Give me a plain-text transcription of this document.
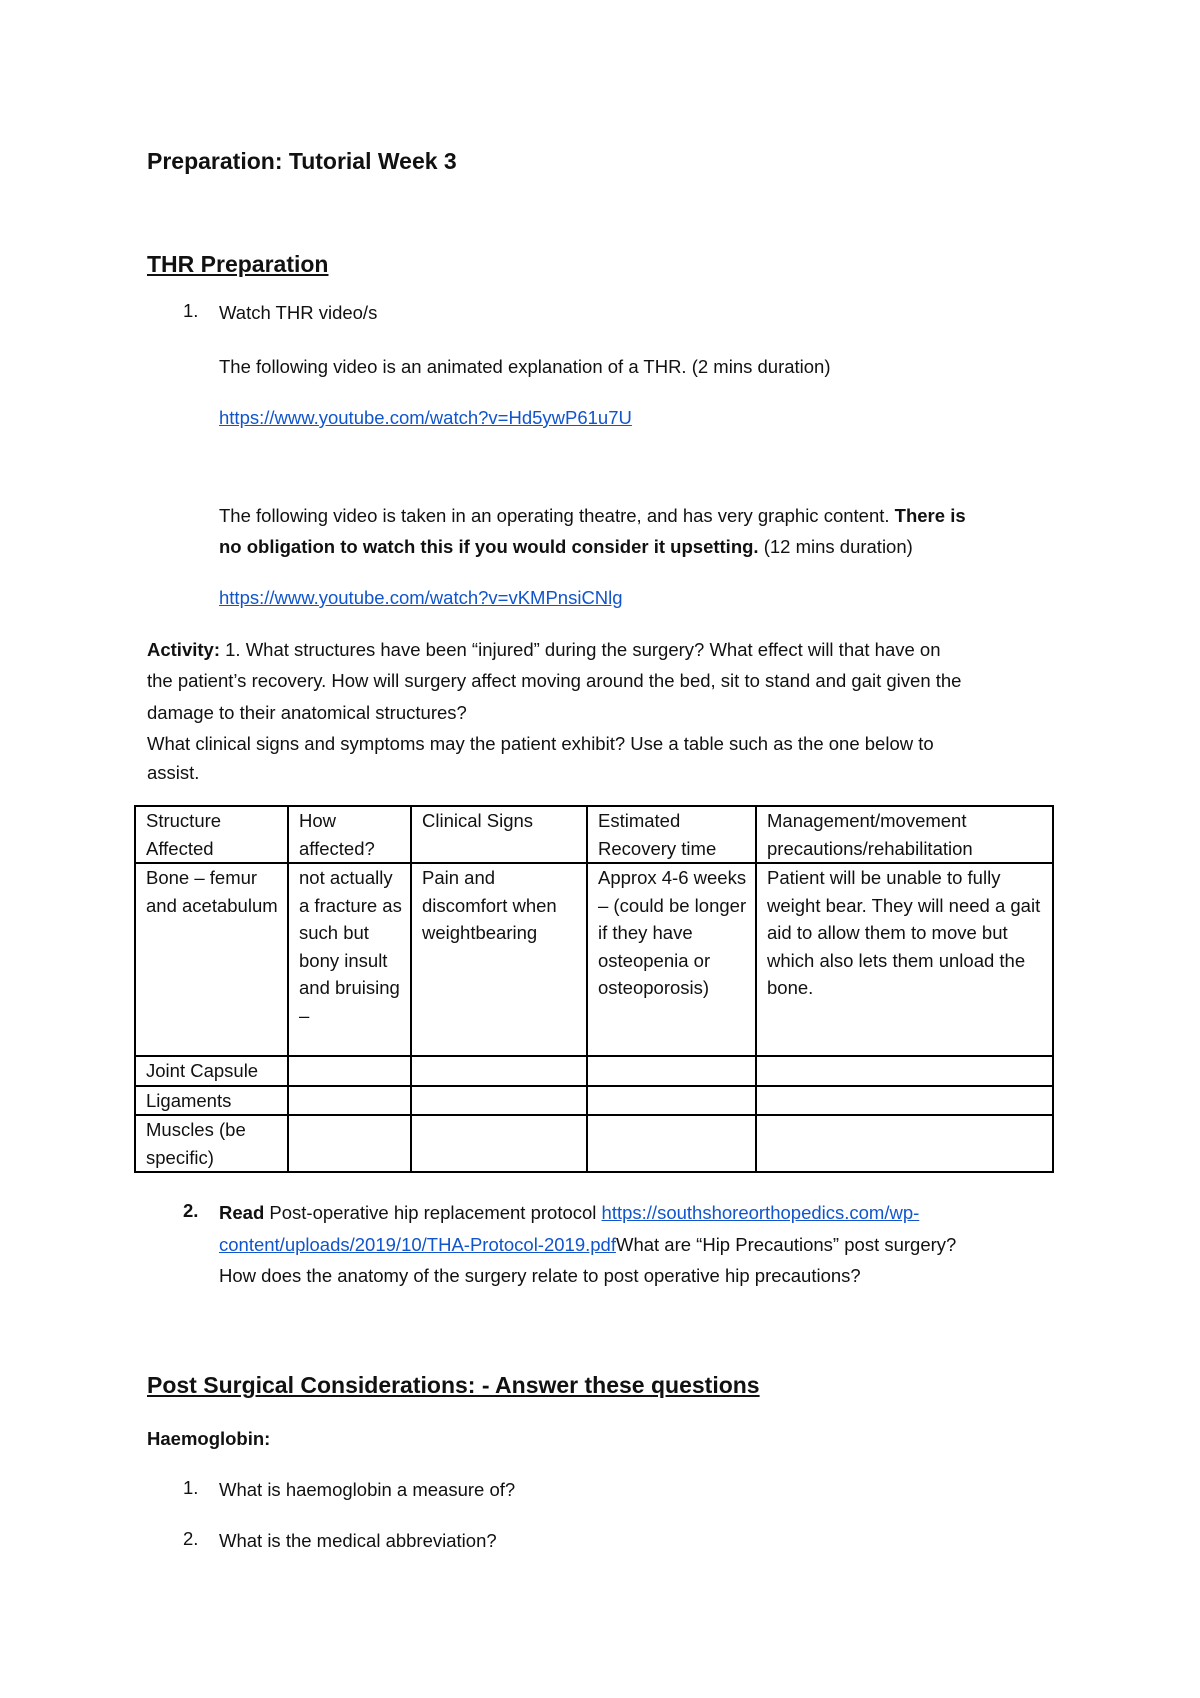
Preparation: Tutorial Week 3
THR Preparation
1. Watch THR video/s
The following video is an animated explanation of a THR. (2 mins duration)
https://www.youtube.com/watch?v=Hd5ywP61u7U
The following video is taken in an operating theatre, and has very graphic content. There is
no obligation to watch this if you would consider it upsetting. (12 mins duration)
https://www.youtube.com/watch?v=vKMPnsiCNlg
Activity: 1. What structures have been “injured” during the surgery? What effect will that have on
the patient’s recovery. How will surgery affect moving around the bed, sit to stand and gait given the
damage to their anatomical structures?
What clinical signs and symptoms may the patient exhibit? Use a table such as the one below to
assist.
Structure Affected	How affected?	Clinical Signs	Estimated Recovery time	Management/movement precautions/rehabilitation
Bone – femur and acetabulum	not actually a fracture as such but bony insult and bruising –	Pain and discomfort when weightbearing	Approx 4-6 weeks – (could be longer if they have osteopenia or osteoporosis)	Patient will be unable to fully weight bear. They will need a gait aid to allow them to move but which also lets them unload the bone.
Joint Capsule				
Ligaments				
Muscles (be specific)				
2. Read Post-operative hip replacement protocol https://southshoreorthopedics.com/wp-
content/uploads/2019/10/THA-Protocol-2019.pdfWhat are “Hip Precautions” post surgery?
How does the anatomy of the surgery relate to post operative hip precautions?
Post Surgical Considerations: - Answer these questions
Haemoglobin:
1. What is haemoglobin a measure of?
2. What is the medical abbreviation?
